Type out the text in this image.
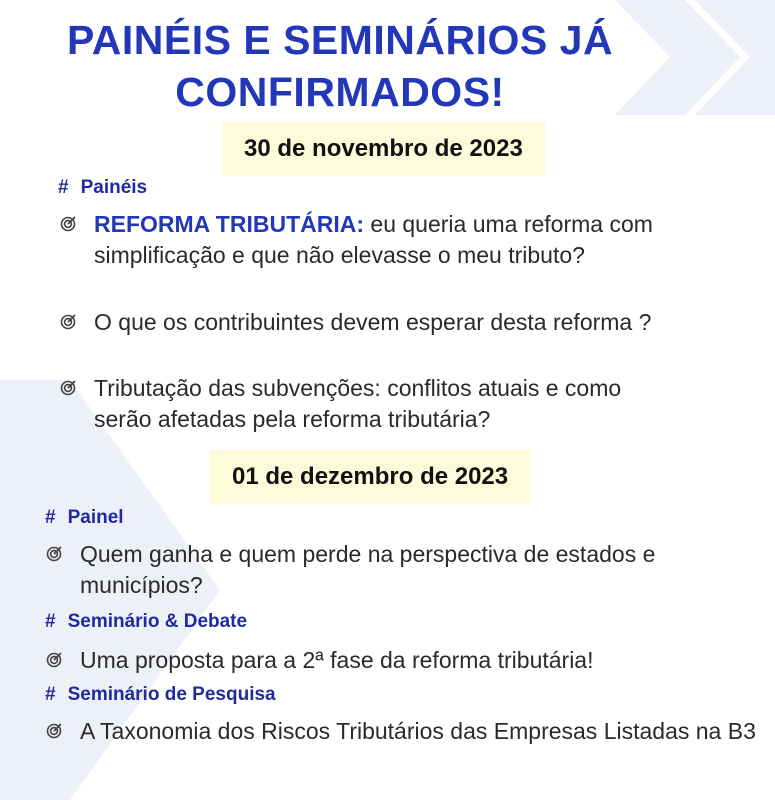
PAINÉIS E SEMINÁRIOS JÁ
CONFIRMADOS!
30 de novembro de 2023
# Painéis
REFORMA TRIBUTÁRIA: eu queria uma reforma com simplificação e que não elevasse o meu tributo?
O que os contribuintes devem esperar desta reforma ?
Tributação das subvenções: conflitos atuais e como serão afetadas pela reforma tributária?
01 de dezembro de 2023
# Painel
Quem ganha e quem perde na perspectiva de estados e municípios?
# Seminário & Debate
Uma proposta para a 2ª fase da reforma tributária!
# Seminário de Pesquisa
A Taxonomia dos Riscos Tributários das Empresas Listadas na B3
